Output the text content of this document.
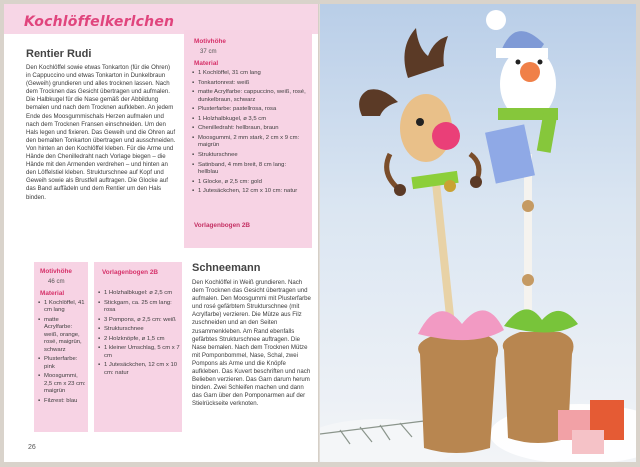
Kochlöffelkerlchen
Rentier Rudi
Den Kochlöffel sowie etwas Tonkarton (für die Ohren) in Cappuccino und etwas Tonkarton in Dunkelbraun (Geweih) grundieren und alles trocknen lassen. Nach dem Trocknen das Gesicht übertragen und aufmalen. Die Halbkugel für die Nase gemäß der Abbildung bemalen und nach dem Trocknen aufkleben. An jedem Ende des Moosgummischals Herzen aufmalen und nach dem Trocknen Fransen einschneiden. Um den Hals legen und fixieren. Das Geweih und die Ohren auf den bemalten Tonkarton übertragen und ausschneiden. Von hinten an den Kochlöffel kleben. Für die Arme und Hände den Chenilledraht nach Vorlage biegen – die Hände mit den Armenden verdrehen – und hinten an den Löffelstiel kleben. Strukturschnee auf Kopf und Geweih sowie als Brustfell auftragen. Die Glocke auf das Band auffädeln und dem Rentier um den Hals binden.
Motivhöhe
37 cm
Material
▪ 1 Kochlöffel, 31 cm lang
▪ Tonkartonrest: weiß
▪ matte Acrylfarbe: cappuccino, weiß, rosé, dunkelbraun, schwarz
▪ Plusterfarbe: pastellrosa, rosa
▪ 1 Holzhalbkugel, ø 3,5 cm
▪ Chenilledraht: hellbraun, braun
▪ Moosgummi, 2 mm stark, 2 cm x 9 cm: maigrün
▪ Strukturschnee
▪ Satinband, 4 mm breit, 8 cm lang: hellblau
▪ 1 Glocke, ø 2,5 cm: gold
▪ 1 Jutesäckchen, 12 cm x 10 cm: natur
Vorlagenbogen 2B
Motivhöhe
46 cm
Material
▪ 1 Kochlöffel, 41 cm lang
▪ matte Acrylfarbe: weiß, orange, rosé, maigrün, schwarz
▪ Plusterfarbe: pink
▪ Moosgummi, 2,5 cm x 23 cm: maigrün
▪ Filzrest: blau
Vorlagenbogen 2B
▪ 1 Holzhalbkugel: ø 2,5 cm
▪ Stickgarn, ca. 25 cm lang: rosa
▪ 3 Pompons, ø 2,5 cm: weiß
▪ Strukturschnee
▪ 2 Holzknöpfe, ø 1,5 cm
▪ 1 kleiner Umschlag, 5 cm x 7 cm
▪ 1 Jutesäckchen, 12 cm x 10 cm: natur
Schneemann
Den Kochlöffel in Weiß grundieren. Nach dem Trocknen das Gesicht übertragen und aufmalen. Den Moosgummi mit Plusterfarbe und rosé gefärbtem Strukturschnee (mit Acrylfarbe) verzieren. Die Mütze aus Filz zuschneiden und an den Seiten zusammenkleben. Am Rand ebenfalls gefärbtes Strukturschnee auftragen. Die Nase bemalen. Nach dem Trocknen Mütze mit Pomponbommel, Nase, Schal, zwei Pompons als Arme und die Knöpfe aufkleben. Das Kuvert beschriften und nach Belieben verzieren. Das Garn darum herum binden. Zwei Schleifen machen und dann das Garn über den Pomponarmen auf der Stielrückseite verknoten.
26
